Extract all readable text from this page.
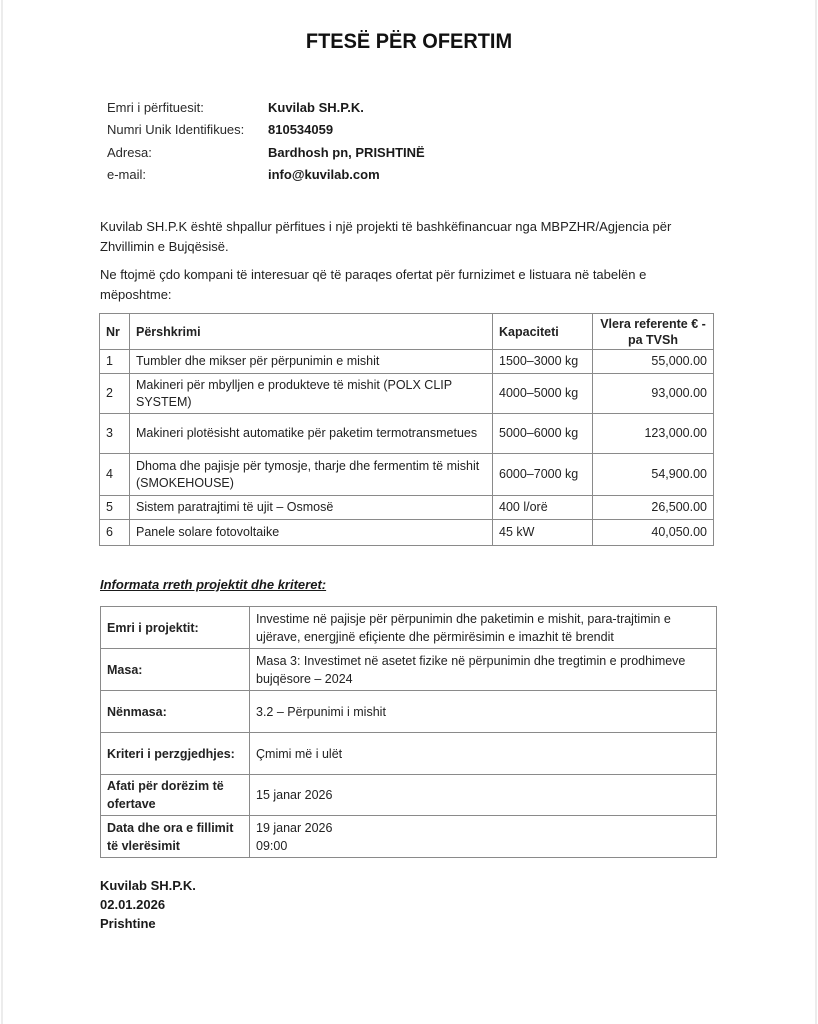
FTESË PËR OFERTIM
Emri i përfituesit:	Kuvilab SH.P.K.
Numri Unik Identifikues:	810534059
Adresa:	Bardhosh pn, PRISHTINË
e-mail:	info@kuvilab.com
Kuvilab SH.P.K është shpallur përfitues i një projekti të bashkëfinancuar nga MBPZHR/Agjencia për Zhvillimin e Bujqësisë.
Ne ftojmë çdo kompani të interesuar që të paraqes ofertat për furnizimet e listuara në tabelën e mëposhtme:
Nr	Përshkrimi	Kapaciteti	Vlera referente € - pa TVSh
1	Tumbler dhe mikser për përpunimin e mishit	1500–3000 kg	55,000.00
2	Makineri për mbylljen e produkteve të mishit (POLX CLIP SYSTEM)	4000–5000 kg	93,000.00
3	Makineri plotësisht automatike për paketim termotransmetues	5000–6000 kg	123,000.00
4	Dhoma dhe pajisje për tymosje, tharje dhe fermentim të mishit (SMOKEHOUSE)	6000–7000 kg	54,900.00
5	Sistem paratrajtimi të ujit – Osmosë	400 l/orë	26,500.00
6	Panele solare fotovoltaike	45 kW	40,050.00
Informata rreth projektit dhe kriteret:
Emri i projektit:	Investime në pajisje për përpunimin dhe paketimin e mishit, para-trajtimin e ujërave, energjinë efiçiente dhe përmirësimin e imazhit të brendit
Masa:	Masa 3: Investimet në asetet fizike në përpunimin dhe tregtimin e prodhimeve bujqësore – 2024
Nënmasa:	3.2 – Përpunimi i mishit
Kriteri i perzgjedhjes:	Çmimi më i ulët
Afati për dorëzim të ofertave	15 janar 2026
Data dhe ora e fillimit të vlerësimit	19 janar 2026
09:00
Kuvilab SH.P.K.
02.01.2026
Prishtine
